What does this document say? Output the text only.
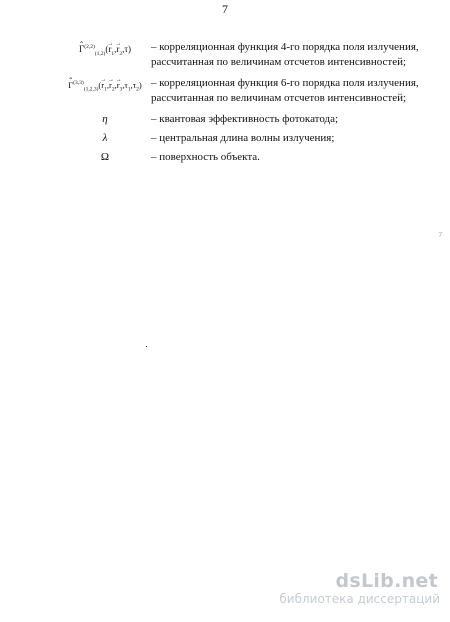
7
ˆ $\Gamma^{(2,2)}_{(1,2)}(\to r_1,\to r_2,\tau)$	– корреляционная функция 4-го порядка поля излучения,
рассчитанная по величинам отсчетов интенсивностей;
ˆ $\Gamma^{(3,3)}_{(1,2,3)}(\to r_1,\to r_2,\to r_3,\tau_1,\tau_2)$ – корреляционная функция 6-го порядка поля излучения,
рассчитанная по величинам отсчетов интенсивностей;
η	– квантовая эффективность фотокатода;
λ	– центральная длина волны излучения;
Ω	– поверхность объекта.
7
dsLib.net
библиотека диссертаций
